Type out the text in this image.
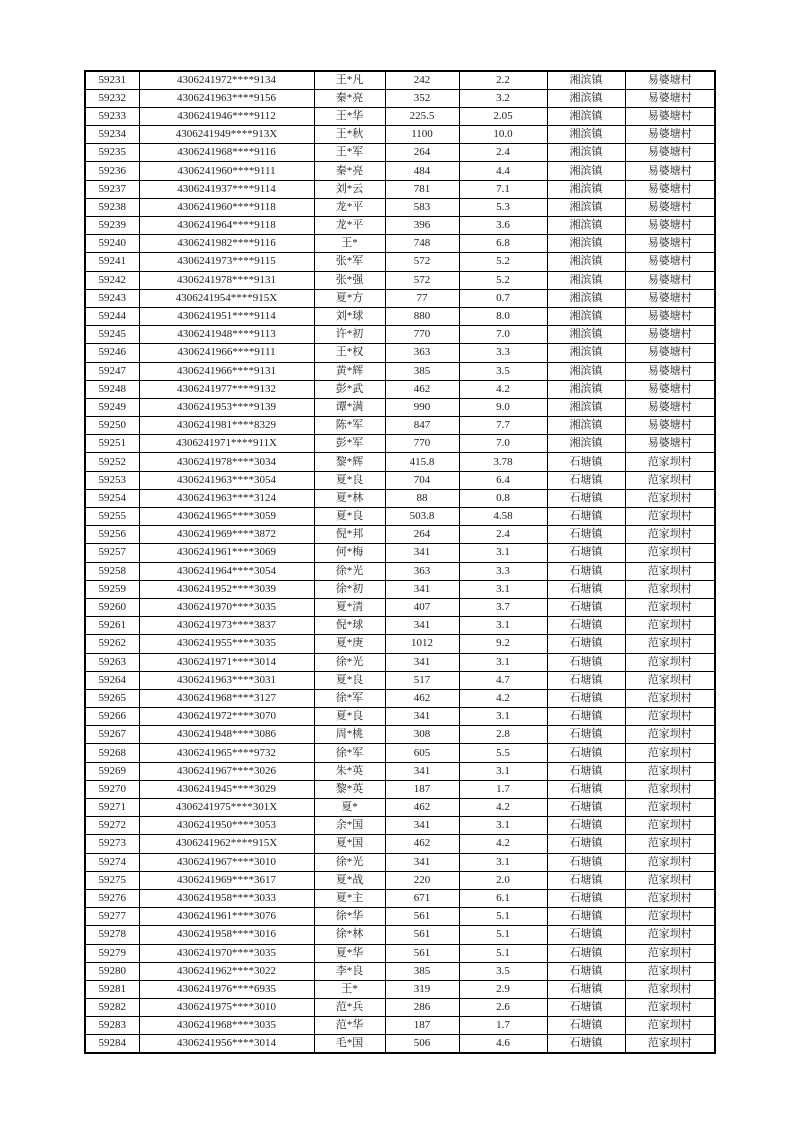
59231	4306241972****9134	王*凡	242	2.2	湘滨镇	易婆塘村
59232	4306241963****9156	秦*亮	352	3.2	湘滨镇	易婆塘村
59233	4306241946****9112	王*华	225.5	2.05	湘滨镇	易婆塘村
59234	4306241949****913X	王*秋	1100	10.0	湘滨镇	易婆塘村
59235	4306241968****9116	王*军	264	2.4	湘滨镇	易婆塘村
59236	4306241960****9111	秦*亮	484	4.4	湘滨镇	易婆塘村
59237	4306241937****9114	刘*云	781	7.1	湘滨镇	易婆塘村
59238	4306241960****9118	龙*平	583	5.3	湘滨镇	易婆塘村
59239	4306241964****9118	龙*平	396	3.6	湘滨镇	易婆塘村
59240	4306241982****9116	王*	748	6.8	湘滨镇	易婆塘村
59241	4306241973****9115	张*军	572	5.2	湘滨镇	易婆塘村
59242	4306241978****9131	张*强	572	5.2	湘滨镇	易婆塘村
59243	4306241954****915X	夏*方	77	0.7	湘滨镇	易婆塘村
59244	4306241951****9114	刘*球	880	8.0	湘滨镇	易婆塘村
59245	4306241948****9113	许*初	770	7.0	湘滨镇	易婆塘村
59246	4306241966****9111	王*权	363	3.3	湘滨镇	易婆塘村
59247	4306241966****9131	黄*辉	385	3.5	湘滨镇	易婆塘村
59248	4306241977****9132	彭*武	462	4.2	湘滨镇	易婆塘村
59249	4306241953****9139	谭*满	990	9.0	湘滨镇	易婆塘村
59250	4306241981****8329	陈*军	847	7.7	湘滨镇	易婆塘村
59251	4306241971****911X	彭*军	770	7.0	湘滨镇	易婆塘村
59252	4306241978****3034	黎*辉	415.8	3.78	石塘镇	范家坝村
59253	4306241963****3054	夏*良	704	6.4	石塘镇	范家坝村
59254	4306241963****3124	夏*林	88	0.8	石塘镇	范家坝村
59255	4306241965****3059	夏*良	503.8	4.58	石塘镇	范家坝村
59256	4306241969****3872	倪*邦	264	2.4	石塘镇	范家坝村
59257	4306241961****3069	何*梅	341	3.1	石塘镇	范家坝村
59258	4306241964****3054	徐*光	363	3.3	石塘镇	范家坝村
59259	4306241952****3039	徐*初	341	3.1	石塘镇	范家坝村
59260	4306241970****3035	夏*清	407	3.7	石塘镇	范家坝村
59261	4306241973****3837	倪*球	341	3.1	石塘镇	范家坝村
59262	4306241955****3035	夏*庚	1012	9.2	石塘镇	范家坝村
59263	4306241971****3014	徐*光	341	3.1	石塘镇	范家坝村
59264	4306241963****3031	夏*良	517	4.7	石塘镇	范家坝村
59265	4306241968****3127	徐*军	462	4.2	石塘镇	范家坝村
59266	4306241972****3070	夏*良	341	3.1	石塘镇	范家坝村
59267	4306241948****3086	周*桃	308	2.8	石塘镇	范家坝村
59268	4306241965****9732	徐*军	605	5.5	石塘镇	范家坝村
59269	4306241967****3026	朱*英	341	3.1	石塘镇	范家坝村
59270	4306241945****3029	黎*英	187	1.7	石塘镇	范家坝村
59271	4306241975****301X	夏*	462	4.2	石塘镇	范家坝村
59272	4306241950****3053	余*国	341	3.1	石塘镇	范家坝村
59273	4306241962****915X	夏*国	462	4.2	石塘镇	范家坝村
59274	4306241967****3010	徐*光	341	3.1	石塘镇	范家坝村
59275	4306241969****3617	夏*战	220	2.0	石塘镇	范家坝村
59276	4306241958****3033	夏*主	671	6.1	石塘镇	范家坝村
59277	4306241961****3076	徐*华	561	5.1	石塘镇	范家坝村
59278	4306241958****3016	徐*林	561	5.1	石塘镇	范家坝村
59279	4306241970****3035	夏*华	561	5.1	石塘镇	范家坝村
59280	4306241962****3022	李*良	385	3.5	石塘镇	范家坝村
59281	4306241976****6935	王*	319	2.9	石塘镇	范家坝村
59282	4306241975****3010	范*兵	286	2.6	石塘镇	范家坝村
59283	4306241968****3035	范*华	187	1.7	石塘镇	范家坝村
59284	4306241956****3014	毛*国	506	4.6	石塘镇	范家坝村
